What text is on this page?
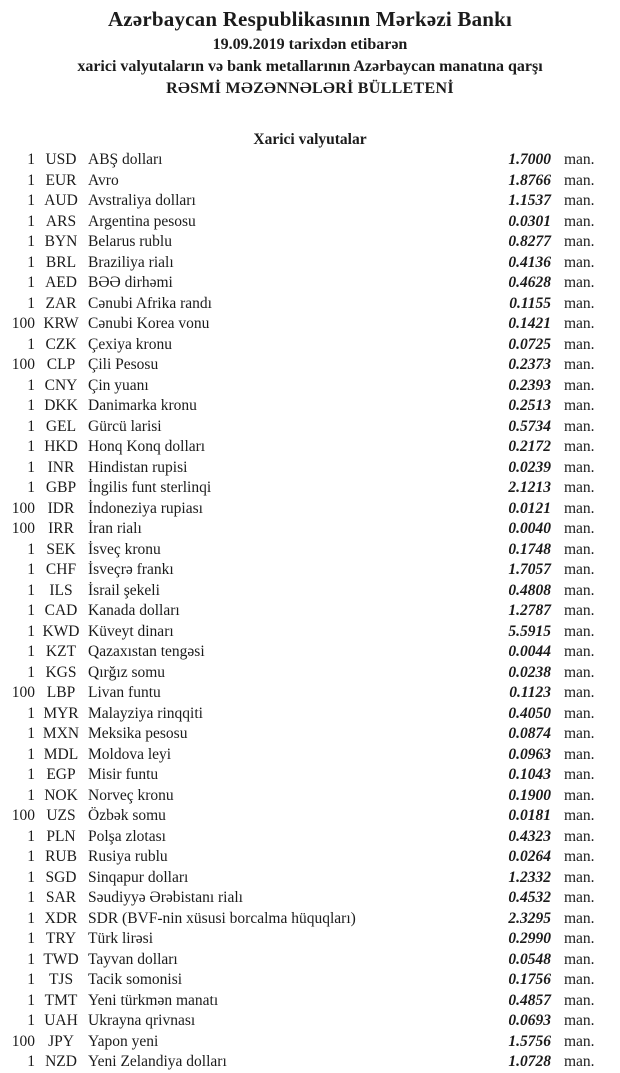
Azərbaycan Respublikasının Mərkəzi Bankı
19.09.2019 tarixdən etibarən
xarici valyutaların və bank metallarının Azərbaycan manatına qarşı
RƏSMİ MƏZƏNNƏLƏRİ BÜLLETENİ
Xarici valyutalar
1 USD ABŞ dolları	1.7000 man.
1 EUR Avro	1.8766 man.
1 AUD Avstraliya dolları	1.1537 man.
1 ARS Argentina pesosu	0.0301 man.
1 BYN Belarus rublu	0.8277 man.
1 BRL Braziliya rialı	0.4136 man.
1 AED BƏƏ dirhəmi	0.4628 man.
1 ZAR Cənubi Afrika randı	0.1155 man.
100 KRW Cənubi Korea vonu	0.1421 man.
1 CZK Çexiya kronu	0.0725 man.
100 CLP Çili Pesosu	0.2373 man.
1 CNY Çin yuanı	0.2393 man.
1 DKK Danimarka kronu	0.2513 man.
1 GEL Gürcü larisi	0.5734 man.
1 HKD Honq Konq dolları	0.2172 man.
1 INR Hindistan rupisi	0.0239 man.
1 GBP İngilis funt sterlinqi	2.1213 man.
100 IDR İndoneziya rupiası	0.0121 man.
100 IRR İran rialı	0.0040 man.
1 SEK İsveç kronu	0.1748 man.
1 CHF İsveçrə frankı	1.7057 man.
1 ILS İsrail şekeli	0.4808 man.
1 CAD Kanada dolları	1.2787 man.
1 KWD Küveyt dinarı	5.5915 man.
1 KZT Qazaxıstan tengəsi	0.0044 man.
1 KGS Qırğız somu	0.0238 man.
100 LBP Livan funtu	0.1123 man.
1 MYR Malayziya rinqqiti	0.4050 man.
1 MXN Meksika pesosu	0.0874 man.
1 MDL Moldova leyi	0.0963 man.
1 EGP Misir funtu	0.1043 man.
1 NOK Norveç kronu	0.1900 man.
100 UZS Özbək somu	0.0181 man.
1 PLN Polşa zlotası	0.4323 man.
1 RUB Rusiya rublu	0.0264 man.
1 SGD Sinqapur dolları	1.2332 man.
1 SAR Səudiyyə Ərəbistanı rialı	0.4532 man.
1 XDR SDR (BVF-nin xüsusi borcalma hüquqları)	2.3295 man.
1 TRY Türk lirəsi	0.2990 man.
1 TWD Tayvan dolları	0.0548 man.
1 TJS Tacik somonisi	0.1756 man.
1 TMT Yeni türkmən manatı	0.4857 man.
1 UAH Ukrayna qrivnası	0.0693 man.
100 JPY Yapon yeni	1.5756 man.
1 NZD Yeni Zelandiya dolları	1.0728 man.
